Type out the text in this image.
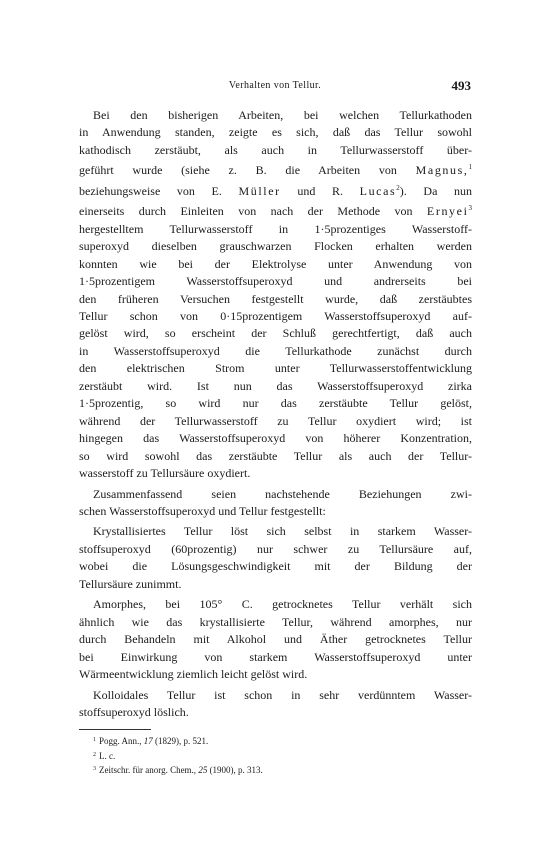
Verhalten von Tellur.	493
Bei den bisherigen Arbeiten, bei welchen Tellurkathoden
in Anwendung standen, zeigte es sich, daß das Tellur sowohl
kathodisch zerstäubt, als auch in Tellurwasserstoff über-
geführt wurde (siehe z. B. die Arbeiten von Magnus,$^1$
beziehungsweise von E. Müller und R. Lucas$^2$). Da nun
einerseits durch Einleiten von nach der Methode von Ernyei$^3$
hergestelltem Tellurwasserstoff in 1·5prozentiges Wasserstoff-
superoxyd dieselben grauschwarzen Flocken erhalten werden
konnten wie bei der Elektrolyse unter Anwendung von
1·5prozentigem Wasserstoffsuperoxyd und andrerseits bei
den früheren Versuchen festgestellt wurde, daß zerstäubtes
Tellur schon von 0·15prozentigem Wasserstoffsuperoxyd auf-
gelöst wird, so erscheint der Schluß gerechtfertigt, daß auch
in Wasserstoffsuperoxyd die Tellurkathode zunächst durch
den elektrischen Strom unter Tellurwasserstoffentwicklung
zerstäubt wird. Ist nun das Wasserstoffsuperoxyd zirka
1·5prozentig, so wird nur das zerstäubte Tellur gelöst,
während der Tellurwasserstoff zu Tellur oxydiert wird; ist
hingegen das Wasserstoffsuperoxyd von höherer Konzentration,
so wird sowohl das zerstäubte Tellur als auch der Tellur-
wasserstoff zu Tellursäure oxydiert.
Zusammenfassend seien nachstehende Beziehungen zwi-
schen Wasserstoffsuperoxyd und Tellur festgestellt:
Krystallisiertes Tellur löst sich selbst in starkem Wasser-
stoffsuperoxyd (60prozentig) nur schwer zu Tellursäure auf,
wobei die Lösungsgeschwindigkeit mit der Bildung der
Tellursäure zunimmt.
Amorphes, bei 105° C. getrocknetes Tellur verhält sich
ähnlich wie das krystallisierte Tellur, während amorphes, nur
durch Behandeln mit Alkohol und Äther getrocknetes Tellur
bei Einwirkung von starkem Wasserstoffsuperoxyd unter
Wärmeentwicklung ziemlich leicht gelöst wird.
Kolloidales Tellur ist schon in sehr verdünntem Wasser-
stoffsuperoxyd löslich.
$^1$ Pogg. Ann., 17 (1829), p. 521.
$^2$ L. c.
$^3$ Zeitschr. für anorg. Chem., 25 (1900), p. 313.
